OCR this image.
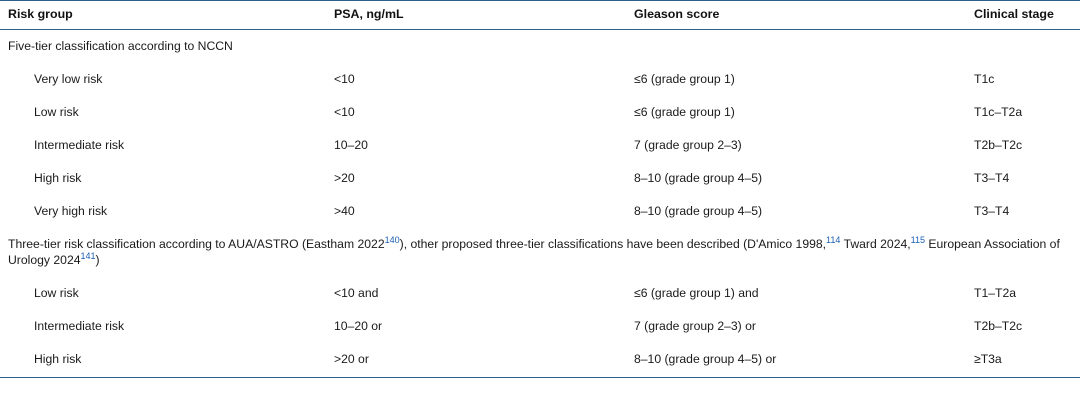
Risk group	PSA, ng/mL	Gleason score	Clinical stage
Five-tier classification according to NCCN			
Very low risk	<10	≤6 (grade group 1)	T1c
Low risk	<10	≤6 (grade group 1)	T1c–T2a
Intermediate risk	10–20	7 (grade group 2–3)	T2b–T2c
High risk	>20	8–10 (grade group 4–5)	T3–T4
Very high risk	>40	8–10 (grade group 4–5)	T3–T4

Three-tier risk classification according to AUA/ASTRO (Eastham 2022$^{140}$), other proposed three-tier classifications have been described (D'Amico 1998,$^{114}$ Tward 2024,$^{115}$ European Association of Urology 2024$^{141}$)			

Low risk	<10 and	≤6 (grade group 1) and	T1–T2a
Intermediate risk	10–20 or	7 (grade group 2–3) or	T2b–T2c
High risk	>20 or	8–10 (grade group 4–5) or	≥T3a
